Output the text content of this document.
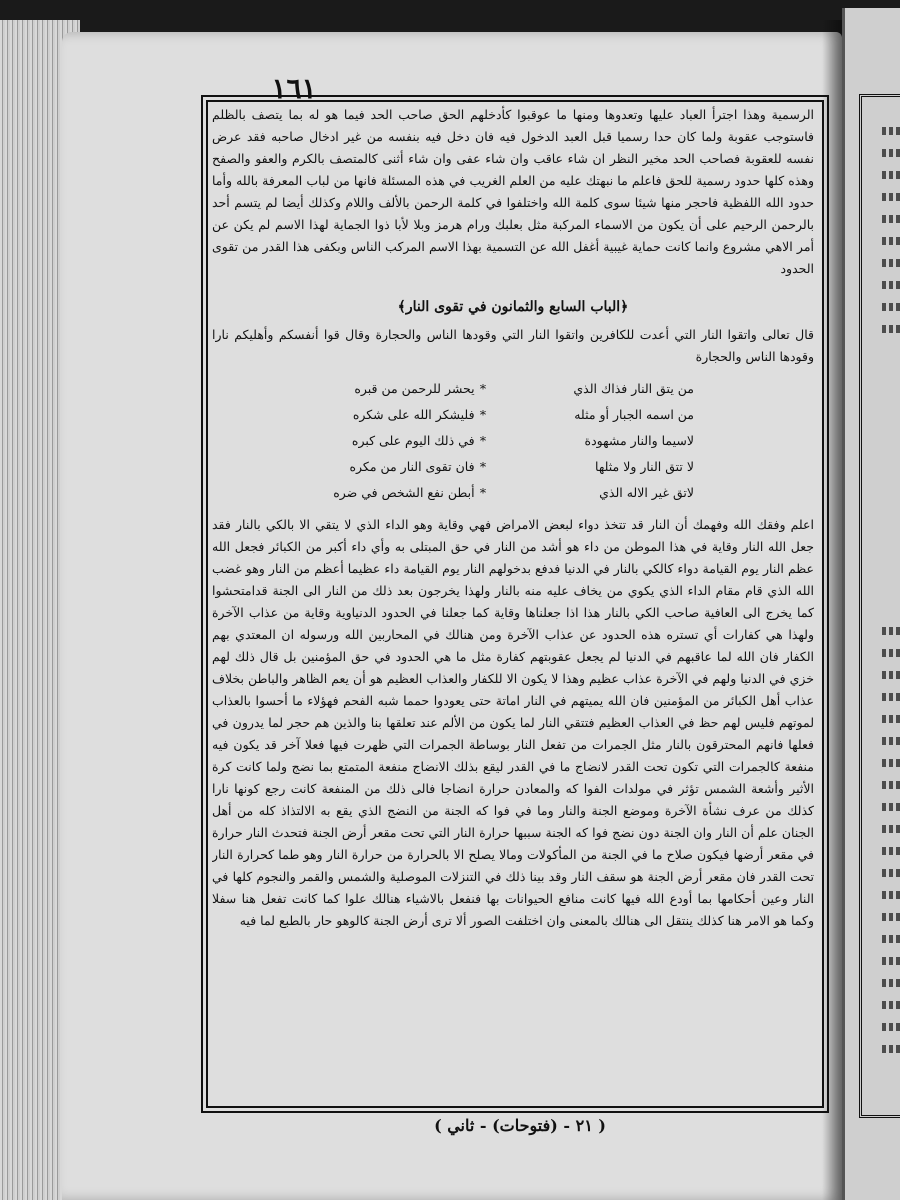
١٦١

الرسمية وهذا اجترأ العباد عليها وتعدوها ومنها ما عوقبوا كأدخلهم الحق صاحب الحد فيما هو له بما يتصف بالظلم فاستوجب عقوبة ولما كان حدا رسميا قبل العبد الدخول فيه فان دخل فيه بنفسه من غير ادخال صاحبه فقد عرض نفسه للعقوبة فصاحب الحد مخير النظر ان شاء عاقب وان شاء عفى وان شاء أثنى كالمتصف بالكرم والعفو والصفح وهذه كلها حدود رسمية للحق فاعلم ما نبهتك عليه من العلم الغريب في هذه المسئلة فانها من لباب المعرفة بالله وأما حدود الله اللفظية فاحجر منها شيئا سوى كلمة الله واختلفوا في كلمة الرحمن بالألف واللام وكذلك أيضا لم يتسم أحد بالرحمن الرحيم على أن يكون من الاسماء المركبة مثل بعلبك ورام هرمز وبلا لأبا ذوا الجماية لهذا الاسم لم يكن عن أمر الاهي مشروع وانما كانت حماية غيبية أغفل الله عن التسمية بهذا الاسم المركب الناس وبكفى هذا القدر من تقوى الحدود

﴿الباب السابع والثمانون في تقوى النار﴾

قال تعالى واتقوا النار التي أعدت للكافرين واتقوا النار التي وقودها الناس والحجارة وقال قوا أنفسكم وأهليكم نارا وقودها الناس والحجارة

من يتق النار فذاك الذي
*
يحشر للرحمن من قبره
من اسمه الجبار أو مثله
*
فليشكر الله على شكره
لاسيما والنار مشهودة
*
في ذلك اليوم على كبره
لا تتق النار ولا مثلها
*
فان تقوى النار من مكره
لاتق غير الاله الذي
*
أبطن نفع الشخص في ضره

اعلم وفقك الله وفهمك أن النار قد تتخذ دواء لبعض الامراض فهي وقاية وهو الداء الذي لا يتقي الا بالكي بالنار فقد جعل الله النار وقاية في هذا الموطن من داء هو أشد من النار في حق المبتلى به وأي داء أكبر من الكبائر فجعل الله عظم النار يوم القيامة دواء كالكي بالنار في الدنيا فدفع بدخولهم النار يوم القيامة داء عظيما أعظم من النار وهو غضب الله الذي قام مقام الداء الذي يكوي من يخاف عليه منه بالنار ولهذا يخرجون بعد ذلك من النار الى الجنة قدامتحشوا كما يخرج الى العافية صاحب الكي بالنار هذا اذا جعلناها وقاية كما جعلنا في الحدود الدنياوية وقاية من عذاب الآخرة ولهذا هي كفارات أي تستره هذه الحدود عن عذاب الآخرة ومن هنالك في المحاربين الله ورسوله ان المعتدي بهم الكفار فان الله لما عاقبهم في الدنيا لم يجعل عقوبتهم كفارة مثل ما هي الحدود في حق المؤمنين بل قال ذلك لهم خزي في الدنيا ولهم في الآخرة عذاب عظيم وهذا لا يكون الا للكفار والعذاب العظيم هو أن يعم الظاهر والباطن بخلاف عذاب أهل الكبائر من المؤمنين فان الله يميتهم في النار اماتة حتى يعودوا حمما شبه الفحم فهؤلاء ما أحسوا بالعذاب لموتهم فليس لهم حظ في العذاب العظيم فتتقي النار لما يكون من الألم عند تعلقها بنا والذين هم حجر لما يدرون في فعلها فانهم المحترقون بالنار مثل الجمرات من تفعل النار بوساطة الجمرات التي ظهرت فيها فعلا آخر قد يكون فيه منفعة كالجمرات التي تكون تحت القدر لانضاج ما في القدر ليقع بذلك الانضاج منفعة المتمتع بما نضج ولما كانت كرة الأثير وأشعة الشمس تؤثر في مولدات الفوا كه والمعادن حرارة انضاجا فالى ذلك من المنفعة كانت رجع كونها نارا كذلك من عرف نشأة الآخرة وموضع الجنة والنار وما في فوا كه الجنة من النضج الذي يقع به الالتذاذ كله من أهل الجنان علم أن النار وان الجنة دون نضج فوا كه الجنة سببها حرارة النار التي تحت مقعر أرض الجنة فتحدث النار حرارة في مقعر أرضها فيكون صلاح ما في الجنة من المأكولات ومالا يصلح الا بالحرارة من حرارة النار وهو طما كحرارة النار تحت القدر فان مقعر أرض الجنة هو سقف النار وقد بينا ذلك في التنزلات الموصلية والشمس والقمر والنجوم كلها في النار وعين أحكامها بما أودع الله فيها كانت منافع الحيوانات بها فنفعل بالاشياء هنالك علوا كما كانت تفعل هنا سفلا وكما هو الامر هنا كذلك ينتقل الى هنالك بالمعنى وان اختلفت الصور ألا ترى أرض الجنة كالوهو حار بالطبع لما فيه

( ٢١ - (فتوحات) - ثاني )
